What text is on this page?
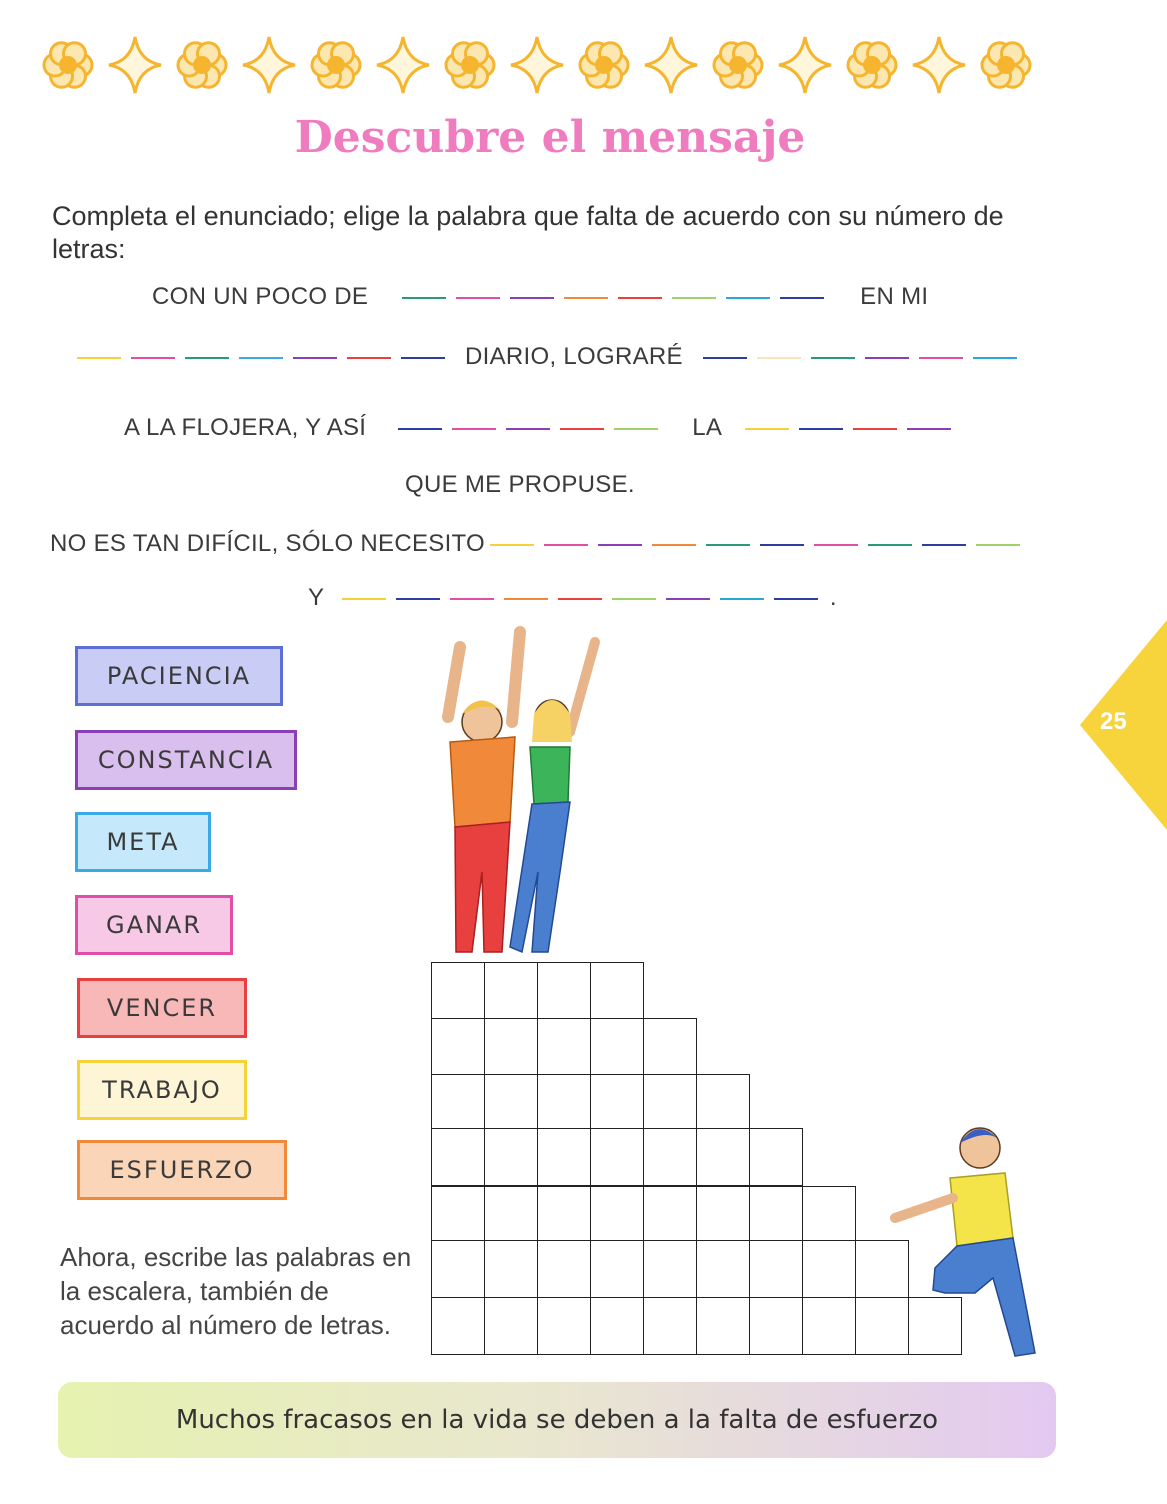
Descubre el mensaje
Completa el enunciado; elige la palabra que falta de acuerdo con su número de letras:
CON UN POCO DE	EN MI
DIARIO, LOGRARÉ
A LA FLOJERA, Y ASÍ	LA
QUE ME PROPUSE.
NO ES TAN DIFÍCIL, SÓLO NECESITO
Y	.
PACIENCIA
CONSTANCIA
META
GANAR
VENCER
TRABAJO
ESFUERZO
Ahora, escribe las palabras en la escalera, también de acuerdo al número de letras.
Muchos fracasos en la vida se deben a la falta de esfuerzo
25
